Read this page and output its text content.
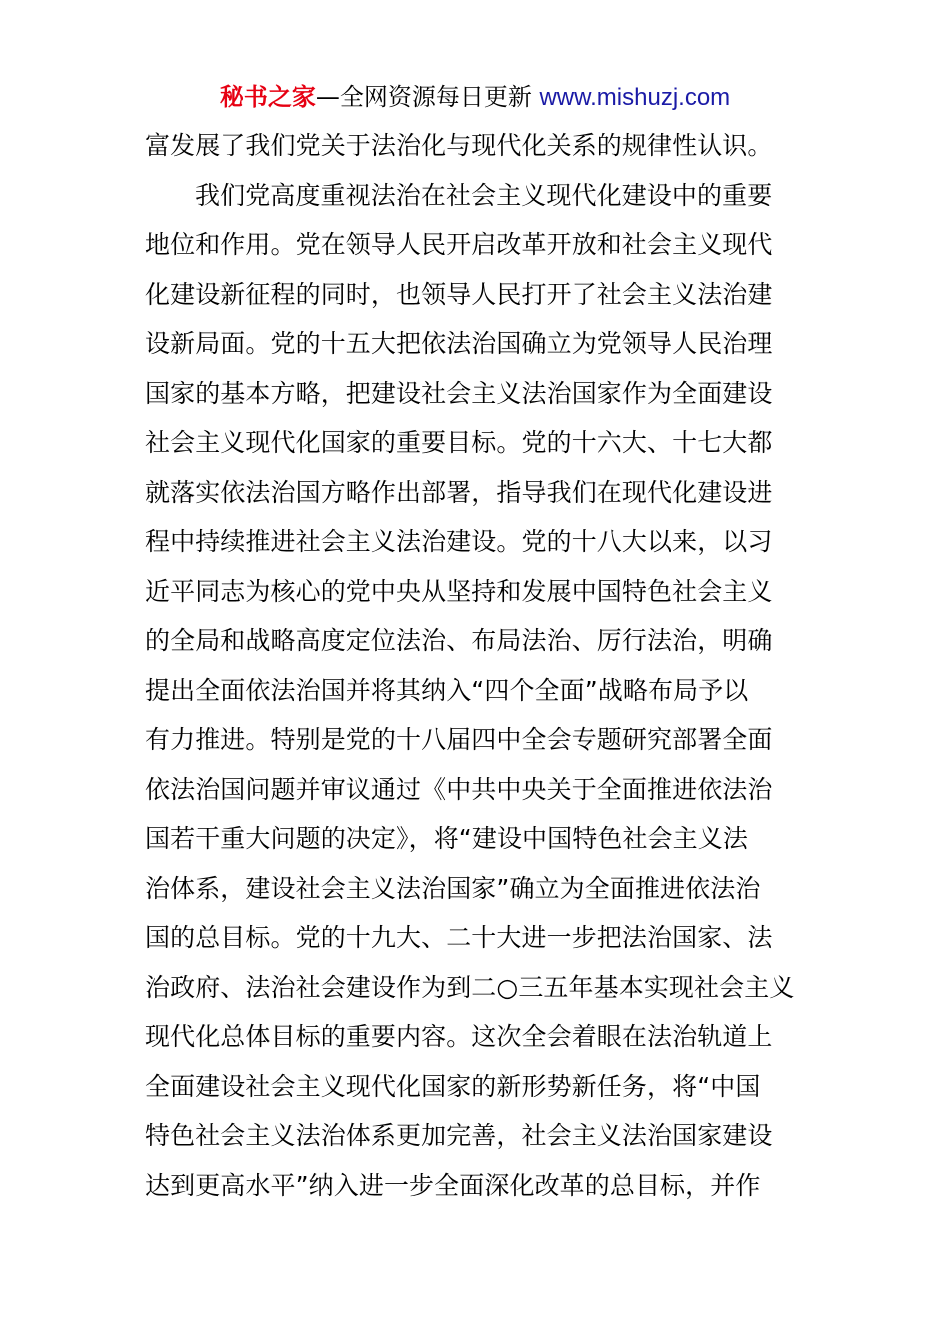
秘书之家—全网资源每日更新 www.mishuzj.com
富发展了我们党关于法治化与现代化关系的规律性认识。
我们党高度重视法治在社会主义现代化建设中的重要
地位和作用。党在领导人民开启改革开放和社会主义现代
化建设新征程的同时，也领导人民打开了社会主义法治建
设新局面。党的十五大把依法治国确立为党领导人民治理
国家的基本方略，把建设社会主义法治国家作为全面建设
社会主义现代化国家的重要目标。党的十六大、十七大都
就落实依法治国方略作出部署，指导我们在现代化建设进
程中持续推进社会主义法治建设。党的十八大以来，以习
近平同志为核心的党中央从坚持和发展中国特色社会主义
的全局和战略高度定位法治、布局法治、厉行法治，明确
提出全面依法治国并将其纳入“四个全面”战略布局予以
有力推进。特别是党的十八届四中全会专题研究部署全面
依法治国问题并审议通过《中共中央关于全面推进依法治
国若干重大问题的决定》，将“建设中国特色社会主义法
治体系，建设社会主义法治国家”确立为全面推进依法治
国的总目标。党的十九大、二十大进一步把法治国家、法
治政府、法治社会建设作为到二○三五年基本实现社会主义
现代化总体目标的重要内容。这次全会着眼在法治轨道上
全面建设社会主义现代化国家的新形势新任务，将“中国
特色社会主义法治体系更加完善，社会主义法治国家建设
达到更高水平”纳入进一步全面深化改革的总目标，并作
